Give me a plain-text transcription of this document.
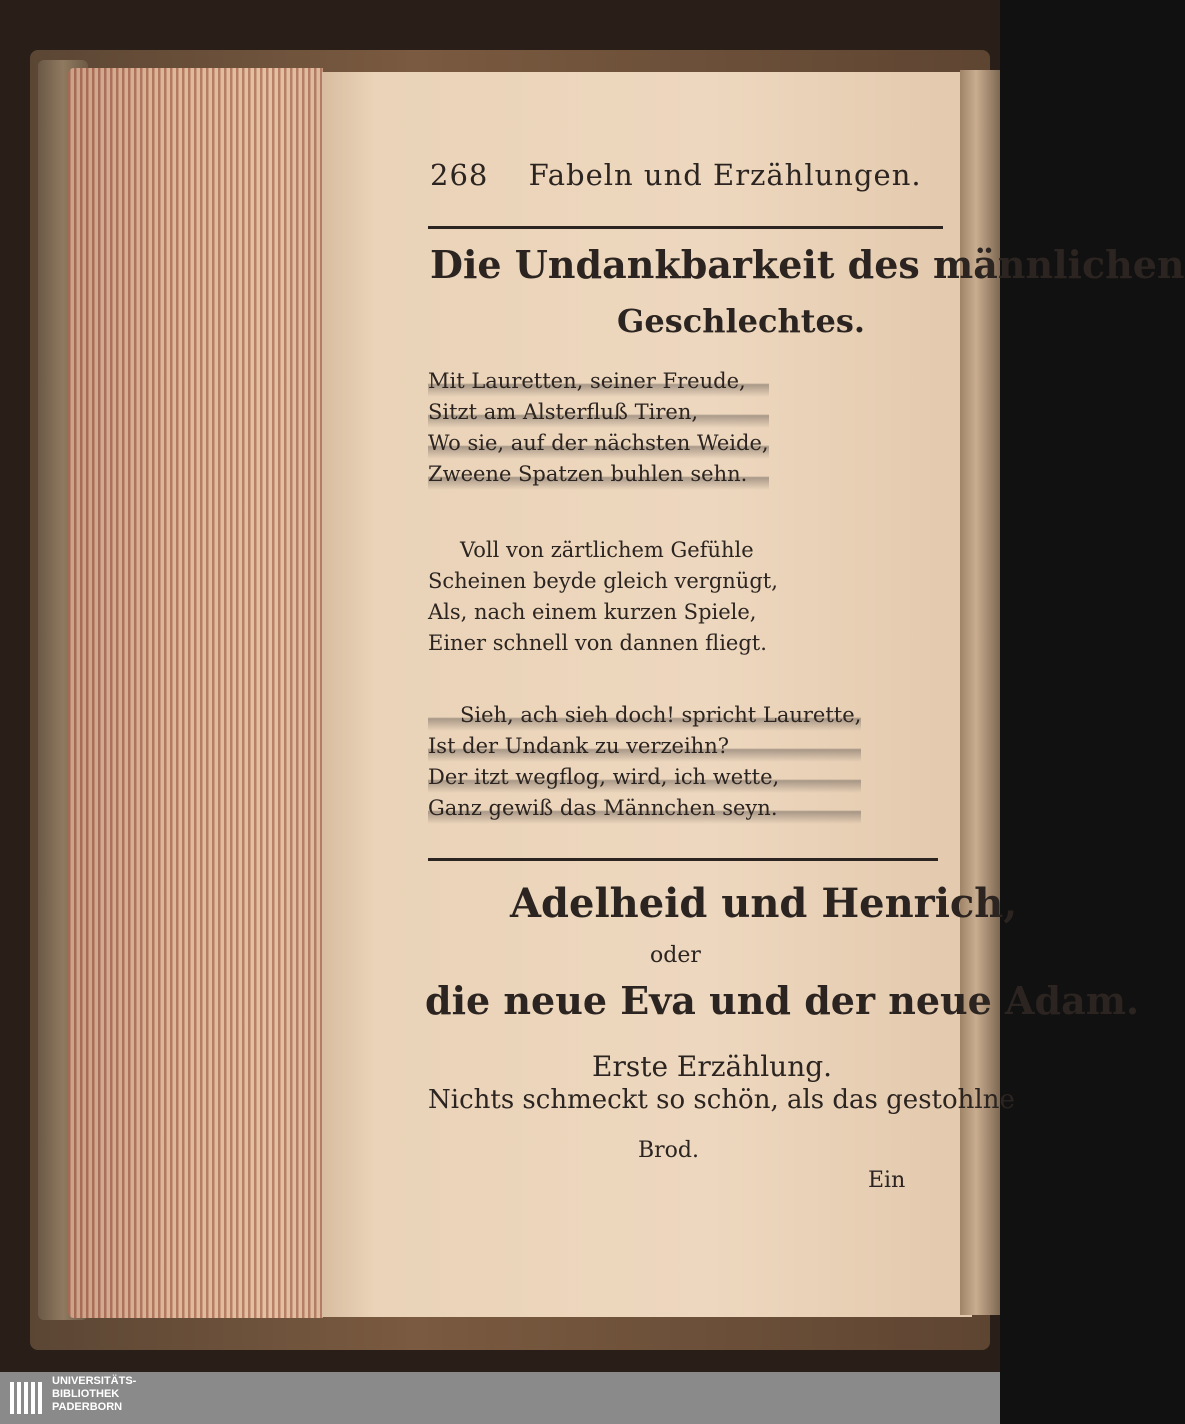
268 Fabeln und Erzählungen.
Die Undankbarkeit des männlichen
Geschlechtes.
Mit Lauretten, seiner Freude,
Sitzt am Alsterfluß Tiren,
Wo sie, auf der nächsten Weide,
Zweene Spatzen buhlen sehn.
Voll von zärtlichem Gefühle
Scheinen beyde gleich vergnügt,
Als, nach einem kurzen Spiele,
Einer schnell von dannen fliegt.
Sieh, ach sieh doch! spricht Laurette,
Ist der Undank zu verzeihn?
Der itzt wegflog, wird, ich wette,
Ganz gewiß das Männchen seyn.
Adelheid und Henrich,
oder
die neue Eva und der neue Adam.
Erste Erzählung.
Nichts schmeckt so schön, als das gestohlne
Brod.
Ein
UNIVERSITÄTS-
BIBLIOTHEK
PADERBORN
